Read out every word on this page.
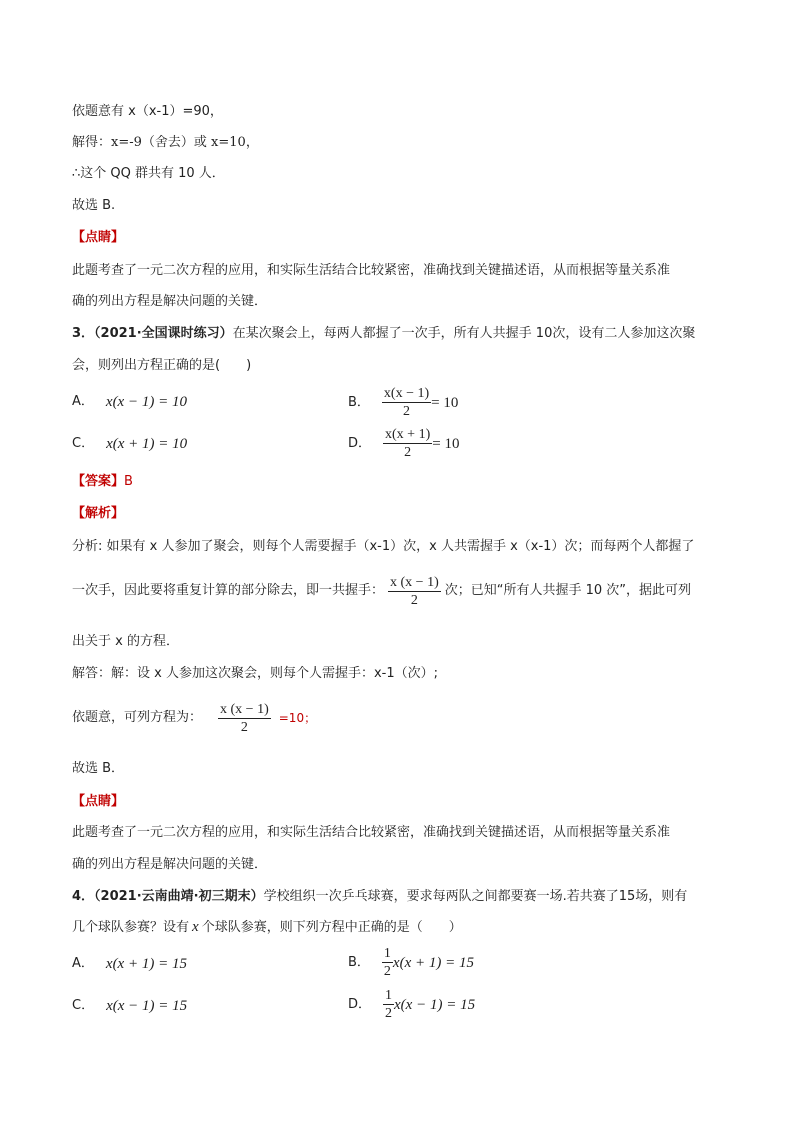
依题意有 x（x-1）=90，
解得：x=-9（舍去）或 x=10，
∴这个 QQ 群共有 10 人．
故选 B.
【点睛】
此题考查了一元二次方程的应用，和实际生活结合比较紧密，准确找到关键描述语，从而根据等量关系准
确的列出方程是解决问题的关键．
3．（2021·全国课时练习）在某次聚会上，每两人都握了一次手，所有人共握手 10次，设有二人参加这次聚
会，则列出方程正确的是(　　)
A． x(x − 1) = 10	B． $\frac{x(x - 1)}{2} = 10$
C． x(x + 1) = 10	D． $\frac{x(x + 1)}{2} = 10$
【答案】B
【解析】
分析: 如果有 x 人参加了聚会，则每个人需要握手（x-1）次，x 人共需握手 x（x-1）次；而每两个人都握了
一次手，因此要将重复计算的部分除去，即一共握手： $\frac{x (x - 1)}{2}$ 次；已知“所有人共握手 10 次”，据此可列
出关于 x 的方程．
解答：解：设 x 人参加这次聚会，则每个人需握手：x-1（次）;
依题意，可列方程为： $\frac{x (x - 1)}{2} =10$；
故选 B．
【点睛】
此题考查了一元二次方程的应用，和实际生活结合比较紧密，准确找到关键描述语，从而根据等量关系准
确的列出方程是解决问题的关键．
4．（2021·云南曲靖·初三期末）学校组织一次乒乓球赛，要求每两队之间都要赛一场.若共赛了15场，则有
几个球队参赛？设有 x 个球队参赛，则下列方程中正确的是（　　）
A． x(x + 1) = 15	B． $\frac{1}{2} x(x + 1) = 15$
C． x(x − 1) = 15	D． $\frac{1}{2} x(x - 1) = 15$
